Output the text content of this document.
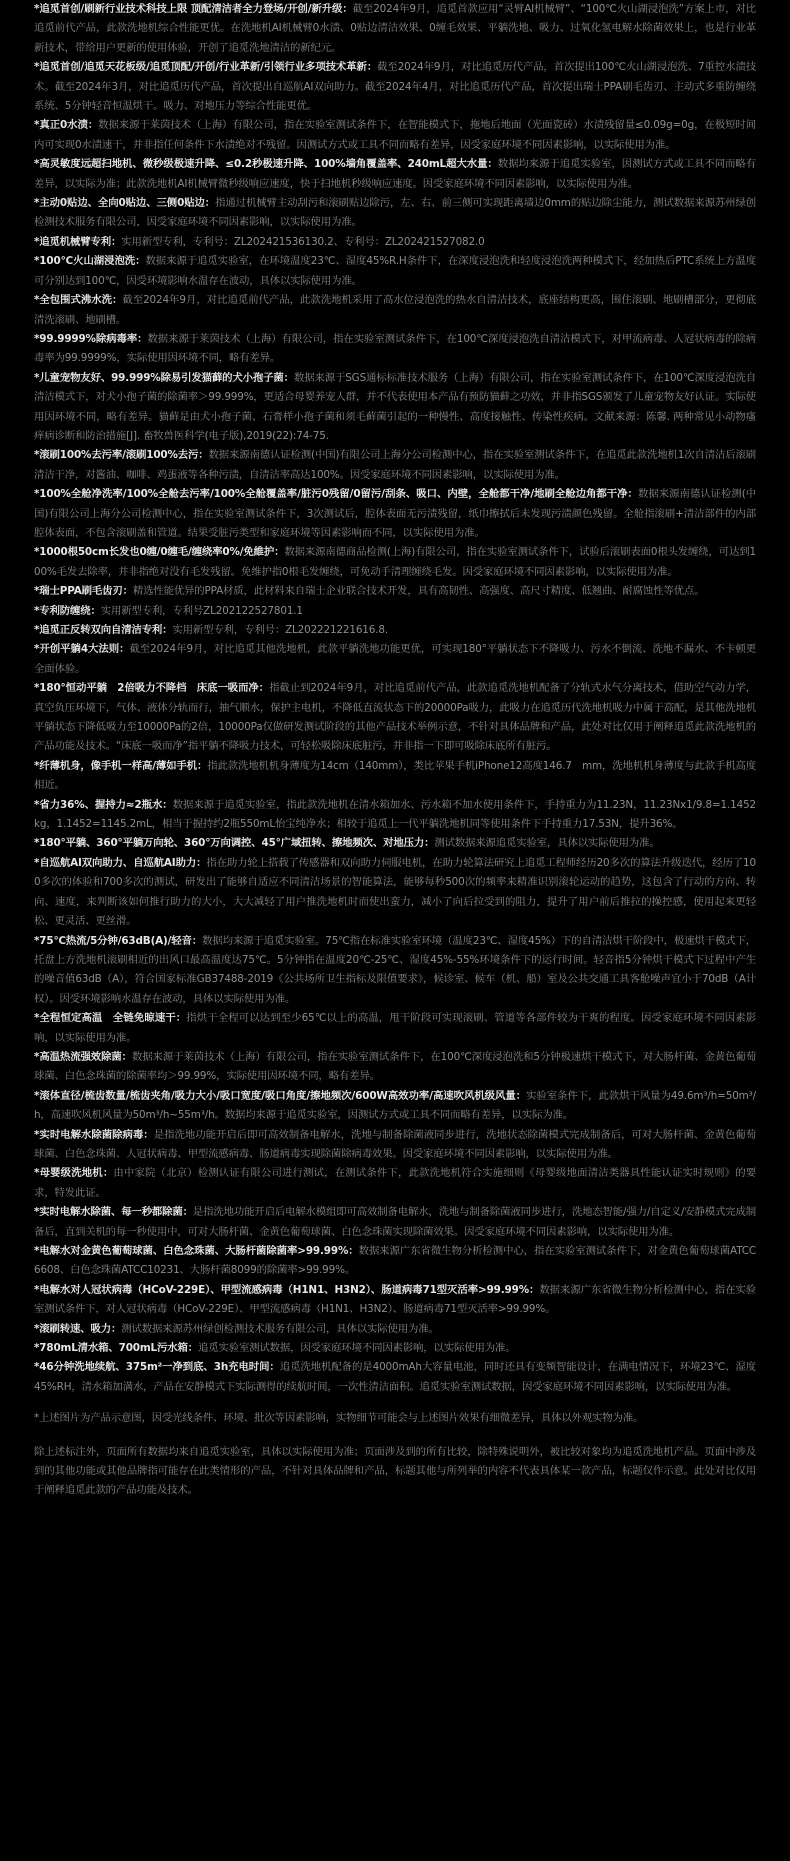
*追觅首创/刷新行业技术科技上限 顶配清洁者全力登场/开创/新升级：截至2024年9月，追觅首款应用“灵臂AI机械臂”、“100℃火山湖浸泡洗”方案上市，对比追觅前代产品，此款洗地机综合性能更优。在洗地机AI机械臂0水渍、0贴边清洁效果、0缠毛效果、平躺洗地、吸力、过氧化氢电解水除菌效果上，也是行业革新技术，带给用户更新的使用体验，开创了追觅洗地清洁的新纪元。

*追觅首创/追觅天花板级/追觅顶配/开创/行业革新/引领行业多项技术革新：截至2024年9月，对比追觅历代产品，首次提出100℃火山湖浸泡洗、7重控水渍技术。截至2024年3月，对比追觅历代产品，首次提出自巡航AI双向助力。截至2024年4月，对比追觅历代产品，首次提出瑞士PPA刷毛齿刃、主动式多重防缠绕系统、5分钟轻音恒温烘干。吸力、对地压力等综合性能更优。

*真正0水渍：数据来源于莱茵技术（上海）有限公司，指在实验室测试条件下，在智能模式下，拖地后地面（光面瓷砖）水渍残留量≤0.09g=0g，在极短时间内可实现0水渍速干，并非指任何条件下水渍绝对不残留。因测试方式或工具不同而略有差异，因受家庭环境不同因素影响，以实际使用为准。

*高灵敏度远超扫地机、微秒级极速升降、≤0.2秒极速升降、100%墙角覆盖率、240mL超大水量：数据均来源于追觅实验室，因测试方式或工具不同而略有差异，以实际为准；此款洗地机AI机械臂微秒级响应速度，快于扫地机秒级响应速度。因受家庭环境不同因素影响，以实际使用为准。

*主动0贴边、全向0贴边、三侧0贴边：指通过机械臂主动刮污和滚刷贴边除污，左、右、前三侧可实现距离墙边0mm的贴边除尘能力，测试数据来源苏州绿创检测技术服务有限公司，因受家庭环境不同因素影响，以实际使用为准。

*追觅机械臂专利：实用新型专利，专利号：ZL202421536130.2、专利号：ZL202421527082.0

*100℃火山湖浸泡洗：数据来源于追觅实验室，在环境温度23℃、湿度45%R.H条件下，在深度浸泡洗和轻度浸泡洗两种模式下，经加热后PTC系统上方温度可分别达到100℃，因受环境影响水温存在波动，具体以实际使用为准。

*全包围式沸水洗：截至2024年9月，对比追觅前代产品，此款洗地机采用了高水位浸泡洗的热水自清洁技术，底座结构更高，围住滚刷、地刷槽部分，更彻底清洗滚刷、地刷槽。

*99.9999%除病毒率：数据来源于莱茵技术（上海）有限公司，指在实验室测试条件下，在100℃深度浸泡洗自清洁模式下，对甲流病毒、人冠状病毒的除病毒率为99.9999%，实际使用因环境不同，略有差异。

*儿童宠物友好、99.999%除易引发猫藓的犬小孢子菌：数据来源于SGS通标标准技术服务（上海）有限公司，指在实验室测试条件下，在100℃深度浸泡洗自清洁模式下，对犬小孢子菌的除菌率＞99.999%，更适合母婴养宠人群，并不代表使用本产品有预防猫藓之功效，并非指SGS颁发了儿童宠物友好认证。实际使用因环境不同，略有差异。猫藓是由犬小孢子菌、石膏样小孢子菌和须毛藓菌引起的一种慢性、高度接触性、传染性疾病。文献来源：陈馨. 两种常见小动物瘙痒病诊断和防治措施[J]. 畜牧兽医科学(电子版),2019(22):74-75.

*滚刷100%去污率/滚刷100%去污：数据来源南德认证检测(中国)有限公司上海分公司检测中心，指在实验室测试条件下，在追觅此款洗地机1次自清洁后滚刷清洁干净，对酱油、咖啡、鸡蛋液等各种污渍，自清洁率高达100%。因受家庭环境不同因素影响，以实际使用为准。

*100%全舱净洗率/100%全舱去污率/100%全舱覆盖率/脏污0残留/0留污/刮条、吸口、内壁，全舱都干净/地刷全舱边角都干净：数据来源南德认证检测(中国)有限公司上海分公司检测中心，指在实验室测试条件下，3次测试后，腔体表面无污渍残留，纸巾擦拭后未发现污渍颜色残留。全舱指滚刷+清洁部件的内部腔体表面，不包含滚刷盖和管道。结果受脏污类型和家庭环境等因素影响而不同，以实际使用为准。

*1000根50cm长发也0缠/0缠毛/缠绕率0%/免維护：数据来源南德商品检测(上海)有限公司，指在实验室测试条件下，试验后滚刷表面0根头发缠绕，可达到100%毛发去除率，并非指绝对没有毛发残留。免维护指0根毛发缠绕，可免动手清理缠绕毛发。因受家庭环境不同因素影响，以实际使用为准。

*瑞士PPA刷毛齿刃：精选性能优异的PPA材质，此材料来自瑞士企业联合技术开发，具有高韧性、高强度、高尺寸精度、低翘曲、耐腐蚀性等优点。

*专利防缠绕：实用新型专利，专利号ZL202122527801.1

*追觅正反转双向自清洁专利：实用新型专利，专利号：ZL202221221616.8.

*开创平躺4大法则：截至2024年9月，对比追觅其他洗地机，此款平躺洗地功能更优，可实现180°平躺状态下不降吸力、污水不倒流、洗地不漏水、不卡顿更全面体验。

*180°恒动平躺　2倍吸力不降档　床底一吸而净：指截止到2024年9月，对比追觅前代产品，此款追觅洗地机配备了分轨式水气分离技术，借助空气动力学，真空负压环境下，气体、液体分轨而行，抽气顺水，保护主电机，不降低直流状态下的20000Pa吸力，此吸力在追觅历代洗地机吸力中属于高配，是其他洗地机平躺状态下降低吸力至10000Pa的2倍，10000Pa仅做研发测试阶段的其他产品技术举例示意，不针对具体品牌和产品，此处对比仅用于阐释追觅此款洗地机的产品功能及技术。“床底一吸而净”指平躺不降吸力技术，可轻松吸除床底脏污，并非指一下即可吸除床底所有脏污。

*纤薄机身，像手机一样高/薄如手机：指此款洗地机机身薄度为14cm（140mm），类比苹果手机iPhone12高度146.7　mm，洗地机机身薄度与此款手机高度相近。

*省力36%、握持力≈2瓶水：数据来源于追觅实验室，指此款洗地机在清水箱加水、污水箱不加水使用条件下，手持重力为11.23N，11.23Nx1/9.8=1.1452kg，1.1452=1145.2mL，相当于握持约2瓶550mL怡宝纯净水；相较于追觅上一代平躺洗地机同等使用条件下手持重力17.53N，提升36%。

*180°平躺、360°平躺万向轮、360°万向调控、45°广域扭转、擦地频次、对地压力：测试数据来源追觅实验室，具体以实际使用为准。

*自巡航AI双向助力、自巡航AI助力：指在助力轮上搭载了传感器和双向助力伺服电机，在助力轮算法研究上追觅工程师经历20多次的算法升级迭代，经历了100多次的体验和700多次的测试，研发出了能够自适应不同清洁场景的智能算法，能够每秒500次的频率来精准识别滚轮运动的趋势，这包含了行动的方向、转向、速度，来判断该如何推行助力的大小，大大减轻了用户推洗地机时而使出蛮力，减小了向后拉受到的阻力，提升了用户前后推拉的操控感，使用起来更轻松、更灵活、更丝滑。

*75℃热流/5分钟/63dB(A)/轻音：数据均来源于追觅实验室。75℃指在标准实验室环境（温度23℃、湿度45%）下的自清洁烘干阶段中，极速烘干模式下，托盘上方洗地机滚刷相近的出风口最高温度达75℃。5分钟指在温度20℃-25℃、湿度45%-55%环境条件下的运行时间。轻音指5分钟烘干模式下过程中产生的噪音值63dB（A），符合国家标准GB37488-2019《公共场所卫生指标及限值要求》，候诊室、候车（机、船）室及公共交通工具客舱噪声宜小于70dB（A计权）。因受环境影响水温存在波动，具体以实际使用为准。

*全程恒定高温　全链免晾速干：指烘干全程可以达到至少65℃以上的高温，甩干阶段可实现滚刷、管道等各部件较为干爽的程度。因受家庭环境不同因素影响，以实际使用为准。

*高温热流强效除菌：数据来源于莱茵技术（上海）有限公司，指在实验室测试条件下，在100℃深度浸泡洗和5分钟极速烘干模式下，对大肠杆菌、金黄色葡萄球菌、白色念珠菌的除菌率均＞99.99%，实际使用因环境不同，略有差异。

*滚体直径/梳齿数量/梳齿夹角/吸力大小/吸口宽度/吸口角度/擦地频次/600W高效功率/高速吹风机级风量：实验室条件下，此款烘干风量为49.6m³/h=50m³/h，高速吹风机风量为50m³/h~55m³/h。数据均来源于追觅实验室，因测试方式或工具不同而略有差异，以实际为准。

*实时电解水除菌除病毒：是指洗地功能开启后即可高效制备电解水，洗地与制备除菌液同步进行，洗地状态除菌模式完成制备后，可对大肠杆菌、金黄色葡萄球菌、白色念珠菌、人冠状病毒、甲型流感病毒、肠道病毒实现除菌除病毒效果。因受家庭环境不同因素影响，以实际使用为准。

*母婴级洗地机：由中家院（北京）检测认证有限公司进行测试，在测试条件下，此款洗地机符合实施细则《母婴级地面清洁类器具性能认证实时规则》的要求，特发此证。

*实时电解水除菌、每一秒都除菌：是指洗地功能开启后电解水模组即可高效制备电解水，洗地与制备除菌液同步进行，洗地态智能/强力/自定义/安静模式完成制备后，直到关机的每一秒使用中，可对大肠杆菌、金黄色葡萄球菌、白色念珠菌实现除菌效果。因受家庭环境不同因素影响，以实际使用为准。

*电解水对金黄色葡萄球菌、白色念珠菌、大肠杆菌除菌率>99.99%：数据来源广东省微生物分析检测中心，指在实验室测试条件下，对金黄色葡萄球菌ATCC6608、白色念珠菌ATCC10231、大肠杆菌8099的除菌率>99.99%。

*电解水对人冠状病毒（HCoV-229E）、甲型流感病毒（H1N1、H3N2）、肠道病毒71型灭活率>99.99%：数据来源广东省微生物分析检测中心，指在实验室测试条件下，对人冠状病毒（HCoV-229E）、甲型流感病毒（H1N1、H3N2）、肠道病毒71型灭活率>99.99%。

*滚刷转速、吸力：测试数据来源苏州绿创检测技术服务有限公司，具体以实际使用为准。

*780mL清水箱、700mL污水箱：追觅实验室测试数据，因受家庭环境不同因素影响，以实际使用为准。

*46分钟洗地续航、375m²一净到底、3h充电时间：追觅洗地机配备的是4000mAh大容量电池，同时还具有变频智能设计，在满电情况下，环境23℃、湿度45%RH，清水箱加满水，产品在安静模式下实际测得的续航时间，一次性清洁面积。追觅实验室测试数据，因受家庭环境不同因素影响，以实际使用为准。

*上述图片为产品示意图，因受光线条件、环境、批次等因素影响，实物细节可能会与上述图片效果有细微差异，具体以外观实物为准。

除上述标注外，页面所有数据均来自追觅实验室，具体以实际使用为准；页面涉及到的所有比较，除特殊说明外，被比较对象均为追觅洗地机产品。页面中涉及到的其他功能或其他品牌指可能存在此类情形的产品，不针对具体品牌和产品，标题其他与所列举的内容不代表具体某一款产品，标题仅作示意。此处对比仅用于阐释追觅此款的产品功能及技术。
